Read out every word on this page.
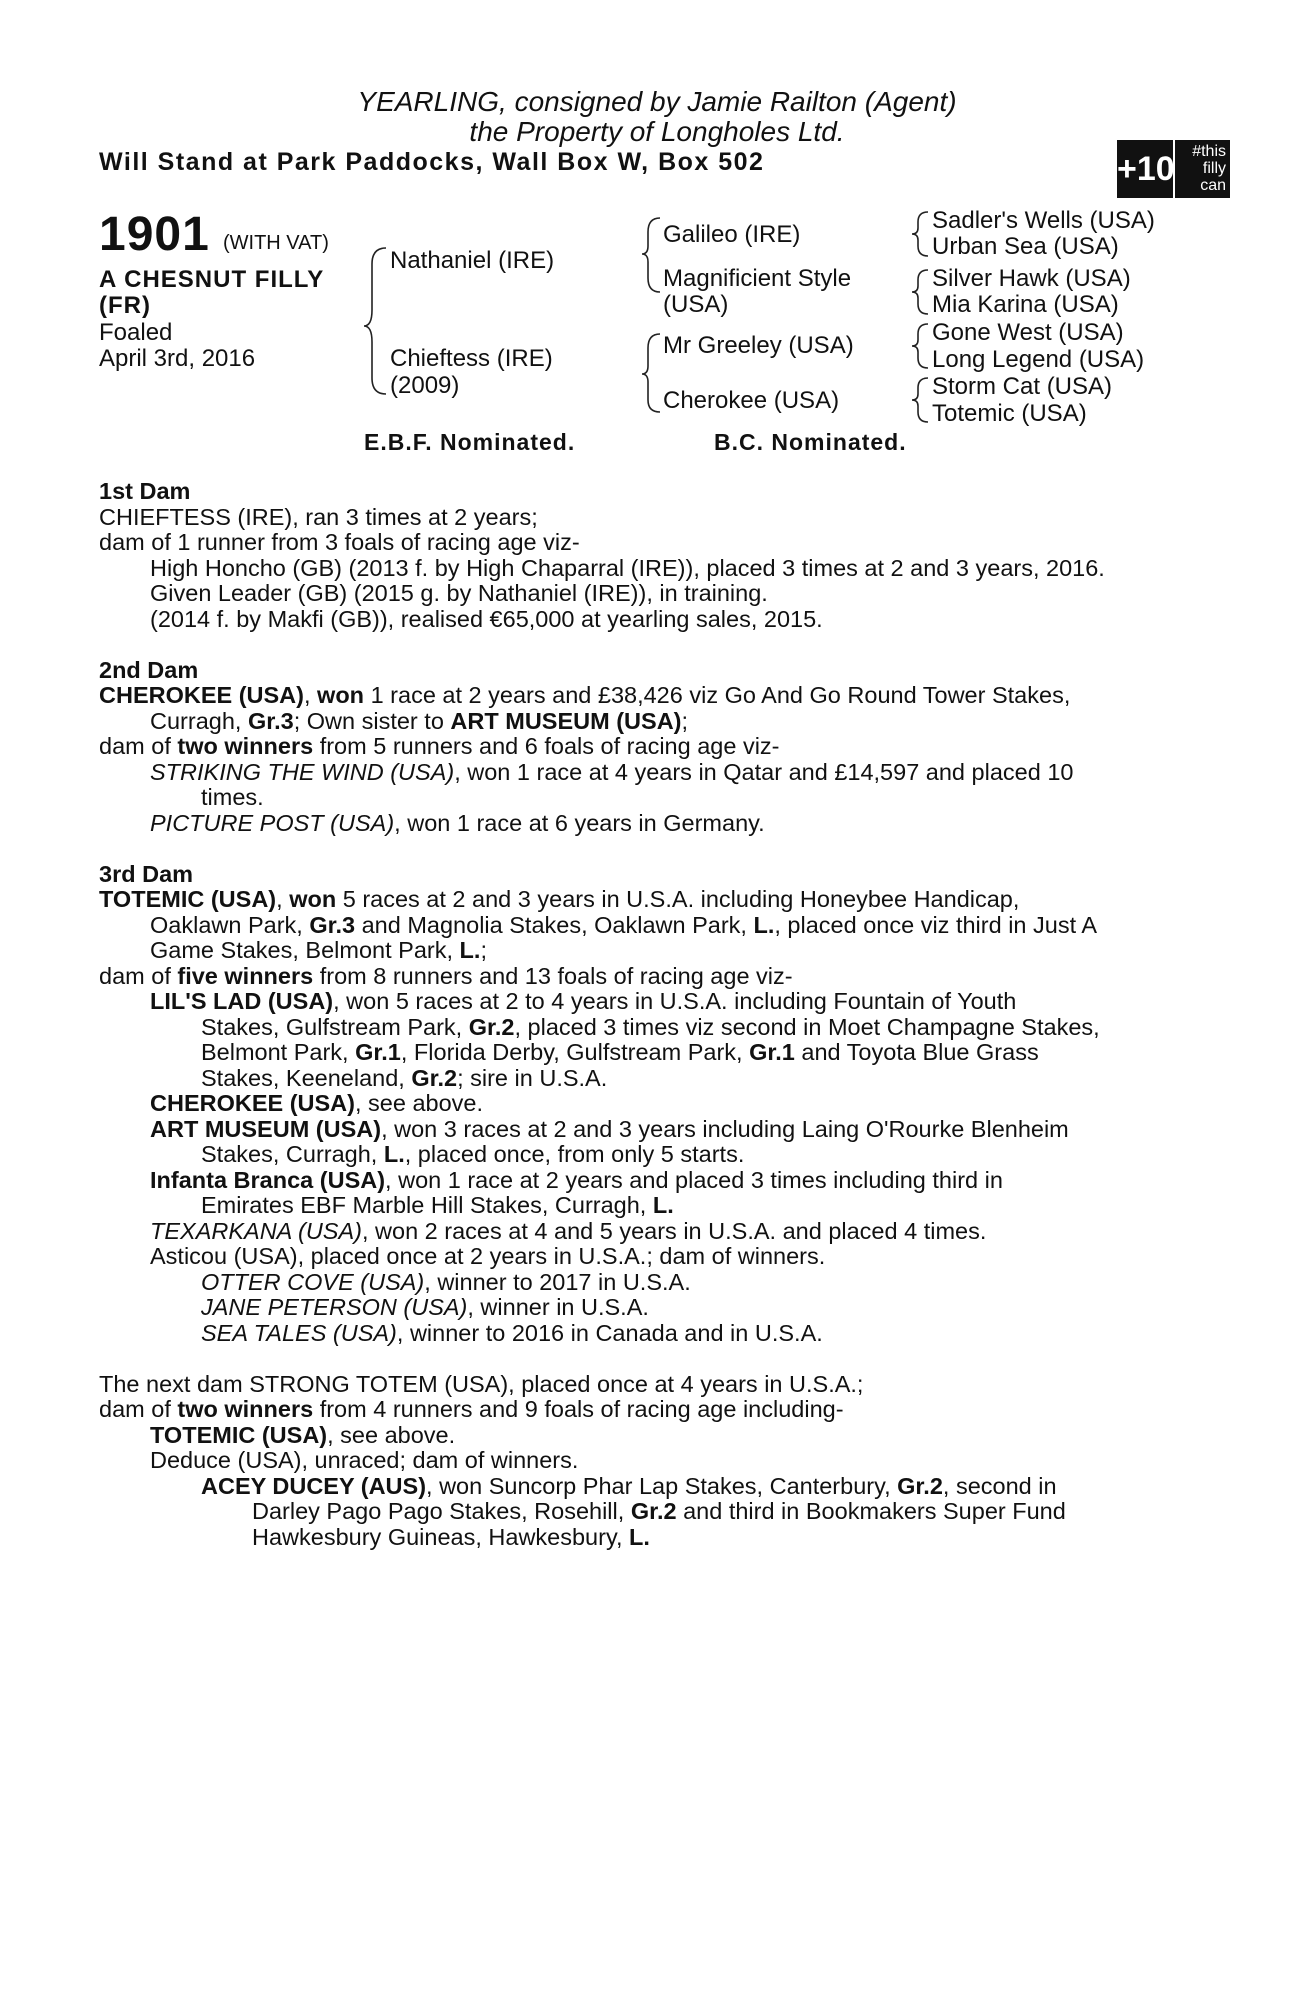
YEARLING, consigned by Jamie Railton (Agent)
the Property of Longholes Ltd.
Will Stand at Park Paddocks, Wall Box W, Box 502	+10	#this
filly
can
1901 (WITH VAT)
A CHESNUT FILLY
(FR)
Foaled
April 3rd, 2016
Nathaniel (IRE)
Chieftess (IRE)
(2009)
Galileo (IRE)
Magnificient Style
(USA)
Mr Greeley (USA)
Cherokee (USA)
Sadler's Wells (USA)
Urban Sea (USA)
Silver Hawk (USA)
Mia Karina (USA)
Gone West (USA)
Long Legend (USA)
Storm Cat (USA)
Totemic (USA)
E.B.F. Nominated.	B.C. Nominated.
1st Dam
CHIEFTESS (IRE), ran 3 times at 2 years;
dam of 1 runner from 3 foals of racing age viz-
High Honcho (GB) (2013 f. by High Chaparral (IRE)), placed 3 times at 2 and 3 years, 2016.
Given Leader (GB) (2015 g. by Nathaniel (IRE)), in training.
(2014 f. by Makfi (GB)), realised €65,000 at yearling sales, 2015.
2nd Dam
CHEROKEE (USA), won 1 race at 2 years and £38,426 viz Go And Go Round Tower Stakes,
Curragh, Gr.3; Own sister to ART MUSEUM (USA);
dam of two winners from 5 runners and 6 foals of racing age viz-
STRIKING THE WIND (USA), won 1 race at 4 years in Qatar and £14,597 and placed 10
times.
PICTURE POST (USA), won 1 race at 6 years in Germany.
3rd Dam
TOTEMIC (USA), won 5 races at 2 and 3 years in U.S.A. including Honeybee Handicap,
Oaklawn Park, Gr.3 and Magnolia Stakes, Oaklawn Park, L., placed once viz third in Just A
Game Stakes, Belmont Park, L.;
dam of five winners from 8 runners and 13 foals of racing age viz-
LIL'S LAD (USA), won 5 races at 2 to 4 years in U.S.A. including Fountain of Youth
Stakes, Gulfstream Park, Gr.2, placed 3 times viz second in Moet Champagne Stakes,
Belmont Park, Gr.1, Florida Derby, Gulfstream Park, Gr.1 and Toyota Blue Grass
Stakes, Keeneland, Gr.2; sire in U.S.A.
CHEROKEE (USA), see above.
ART MUSEUM (USA), won 3 races at 2 and 3 years including Laing O'Rourke Blenheim
Stakes, Curragh, L., placed once, from only 5 starts.
Infanta Branca (USA), won 1 race at 2 years and placed 3 times including third in
Emirates EBF Marble Hill Stakes, Curragh, L.
TEXARKANA (USA), won 2 races at 4 and 5 years in U.S.A. and placed 4 times.
Asticou (USA), placed once at 2 years in U.S.A.; dam of winners.
OTTER COVE (USA), winner to 2017 in U.S.A.
JANE PETERSON (USA), winner in U.S.A.
SEA TALES (USA), winner to 2016 in Canada and in U.S.A.
The next dam STRONG TOTEM (USA), placed once at 4 years in U.S.A.;
dam of two winners from 4 runners and 9 foals of racing age including-
TOTEMIC (USA), see above.
Deduce (USA), unraced; dam of winners.
ACEY DUCEY (AUS), won Suncorp Phar Lap Stakes, Canterbury, Gr.2, second in
Darley Pago Pago Stakes, Rosehill, Gr.2 and third in Bookmakers Super Fund
Hawkesbury Guineas, Hawkesbury, L.
